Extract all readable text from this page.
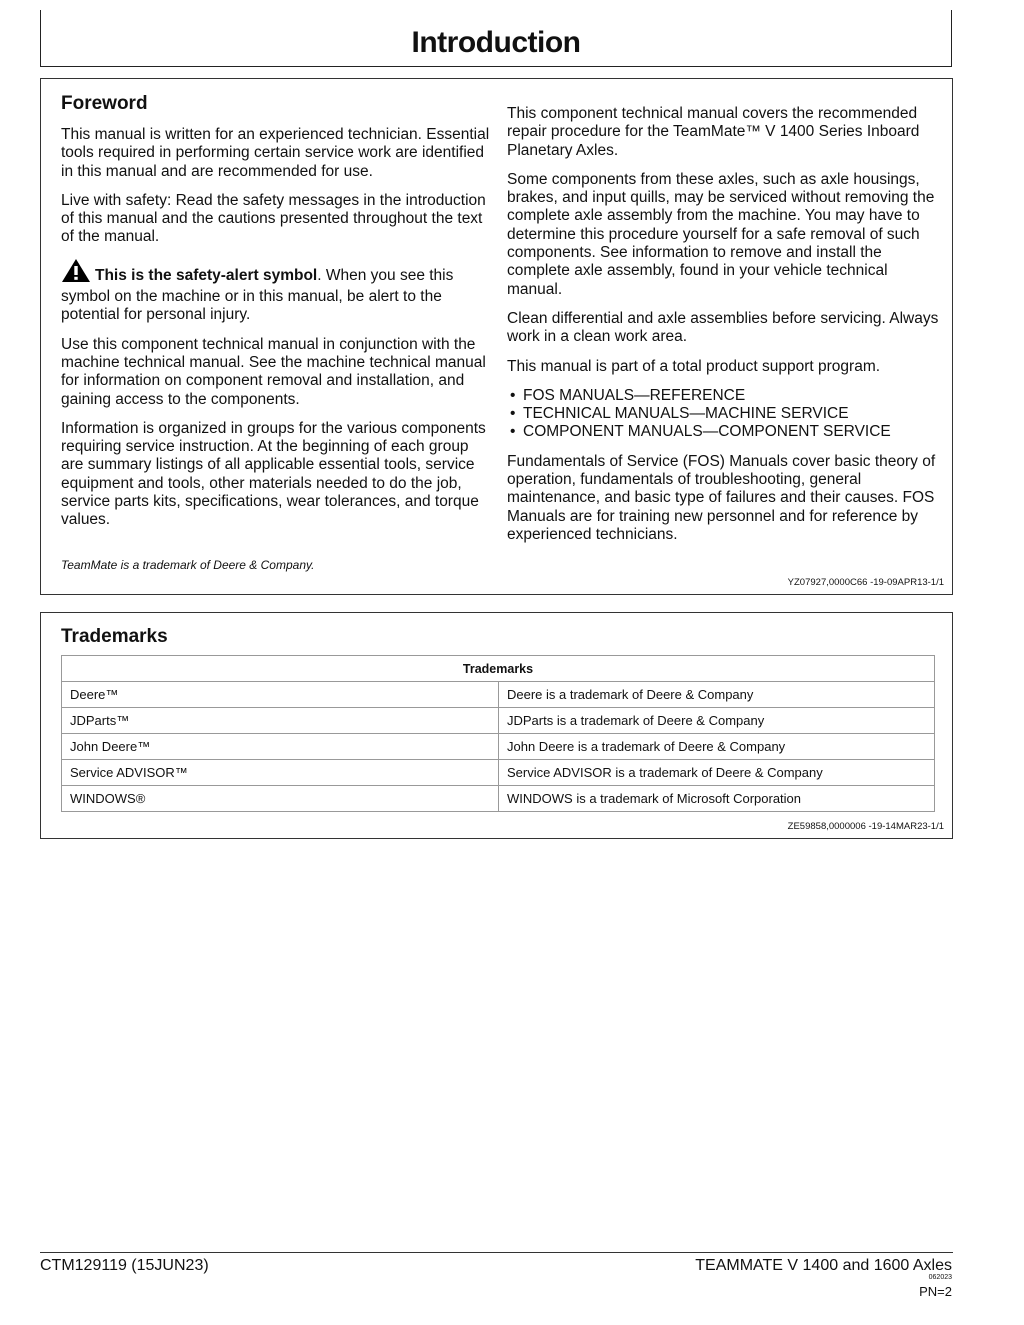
Introduction
Foreword

This manual is written for an experienced technician. Essential tools required in performing certain service work are identified in this manual and are recommended for use.

Live with safety: Read the safety messages in the introduction of this manual and the cautions presented throughout the text of the manual.

This is the safety-alert symbol. When you see this symbol on the machine or in this manual, be alert to the potential for personal injury.

Use this component technical manual in conjunction with the machine technical manual. See the machine technical manual for information on component removal and installation, and gaining access to the components.

Information is organized in groups for the various components requiring service instruction. At the beginning of each group are summary listings of all applicable essential tools, service equipment and tools, other materials needed to do the job, service parts kits, specifications, wear tolerances, and torque values.

This component technical manual covers the recommended repair procedure for the TeamMate™ V 1400 Series Inboard Planetary Axles.

Some components from these axles, such as axle housings, brakes, and input quills, may be serviced without removing the complete axle assembly from the machine. You may have to determine this procedure yourself for a safe removal of such components. See information to remove and install the complete axle assembly, found in your vehicle technical manual.

Clean differential and axle assemblies before servicing. Always work in a clean work area.

This manual is part of a total product support program.

• FOS MANUALS—REFERENCE
• TECHNICAL MANUALS—MACHINE SERVICE
• COMPONENT MANUALS—COMPONENT SERVICE

Fundamentals of Service (FOS) Manuals cover basic theory of operation, fundamentals of troubleshooting, general maintenance, and basic type of failures and their causes. FOS Manuals are for training new personnel and for reference by experienced technicians.

TeamMate is a trademark of Deere & Company.
YZ07927,0000C66 -19-09APR13-1/1
Trademarks
Trademarks	
Deere™	Deere is a trademark of Deere & Company
JDParts™	JDParts is a trademark of Deere & Company
John Deere™	John Deere is a trademark of Deere & Company
Service ADVISOR™	Service ADVISOR is a trademark of Deere & Company
WINDOWS®	WINDOWS is a trademark of Microsoft Corporation
ZE59858,0000006 -19-14MAR23-1/1
CTM129119 (15JUN23)	TEAMMATE V 1400 and 1600 Axles
062023
PN=2
